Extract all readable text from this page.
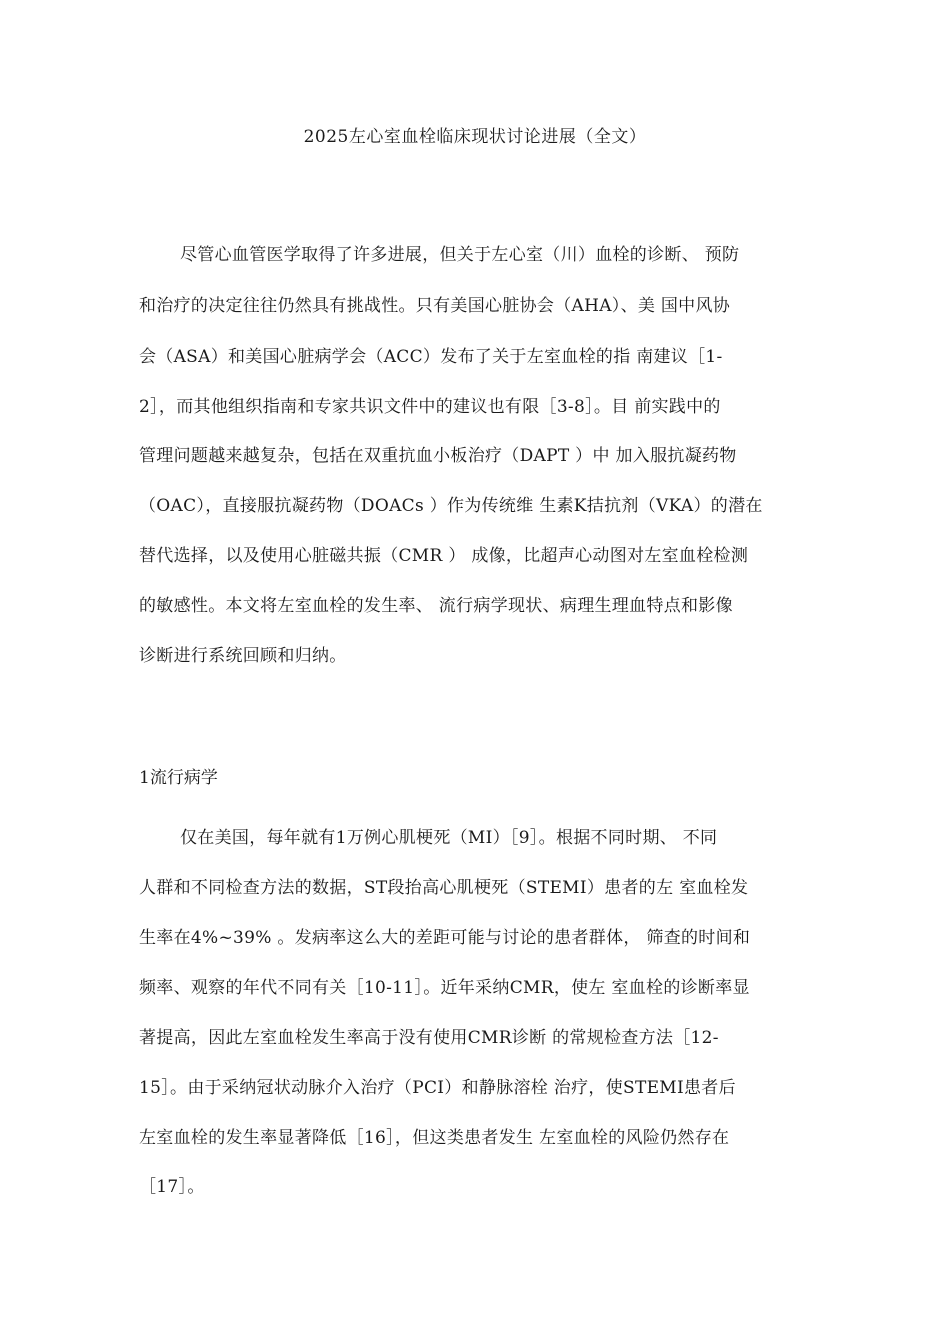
2025左心室血栓临床现状讨论进展（全文）
尽管心血管医学取得了许多进展，但关于左心室（川）血栓的诊断、 预防
和治疗的决定往往仍然具有挑战性。只有美国心脏协会（AHA）、美 国中风协
会（ASA）和美国心脏病学会（ACC）发布了关于左室血栓的指 南建议［1-
2］，而其他组织指南和专家共识文件中的建议也有限［3-8］。目 前实践中的
管理问题越来越复杂，包括在双重抗血小板治疗（DAPT ）中 加入服抗凝药物
（OAC），直接服抗凝药物（DOACs ）作为传统维 生素K拮抗剂（VKA）的潜在
替代选择，以及使用心脏磁共振（CMR ） 成像，比超声心动图对左室血栓检测
的敏感性。本文将左室血栓的发生率、 流行病学现状、病理生理血特点和影像
诊断进行系统回顾和归纳。
1流行病学
仅在美国，每年就有1万例心肌梗死（MI）［9］。根据不同时期、 不同
人群和不同检查方法的数据，ST段抬高心肌梗死（STEMI）患者的左 室血栓发
生率在4%~39% 。发病率这么大的差距可能与讨论的患者群体， 筛查的时间和
频率、观察的年代不同有关［10-11］。近年采纳CMR，使左 室血栓的诊断率显
著提高，因此左室血栓发生率高于没有使用CMR诊断 的常规检查方法［12-
15］。由于采纳冠状动脉介入治疗（PCI）和静脉溶栓 治疗，使STEMI患者后
左室血栓的发生率显著降低［16］，但这类患者发生 左室血栓的风险仍然存在
［17］。
